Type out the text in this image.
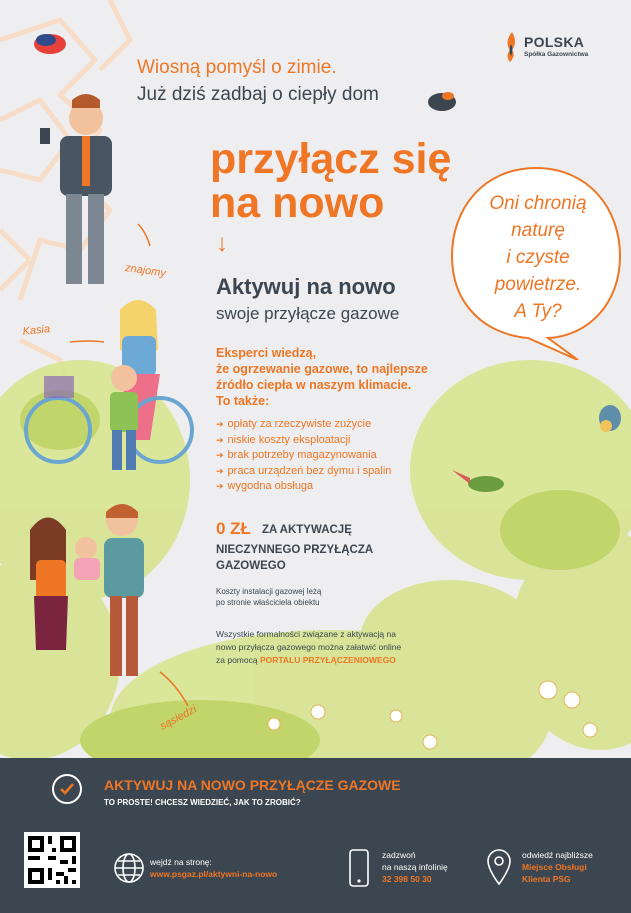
POLSKA
Spółka Gazownictwa
Wiosną pomyśl o zimie.
Już dziś zadbaj o ciepły dom
przyłącz się
na nowo
↓
Aktywuj na nowo
swoje przyłącze gazowe
Oni chronią
naturę
i czyste
powietrze.
A Ty?
Eksperci wiedzą,
że ogrzewanie gazowe, to najlepsze
źródło ciepła w naszym klimacie.
To także:
➔ opłaty za rzeczywiste zużycie
➔ niskie koszty eksploatacji
➔ brak potrzeby magazynowania
➔ praca urządzeń bez dymu i spalin
➔ wygodna obsługa
0 ZŁ ZA AKTYWACJĘ
NIECZYNNEGO PRZYŁĄCZA
GAZOWEGO
Koszty instalacji gazowej leżą
po stronie właściciela obiektu
Wszystkie formalności związane z aktywacją na
nowo przyłącza gazowego można załatwić online
za pomocą PORTALU PRZYŁĄCZENIOWEGO
znajomy
Kasia
sąsiedzi
AKTYWUJ NA NOWO PRZYŁĄCZE GAZOWE
TO PROSTE! CHCESZ WIEDZIEĆ, JAK TO ZROBIĆ?
wejdź na stronę:
www.psgaz.pl/aktywni-na-nowo
zadzwoń
na naszą infolinię
32 398 50 30
odwiedź najbliższe
Miejsce Obsługi
Klienta PSG
